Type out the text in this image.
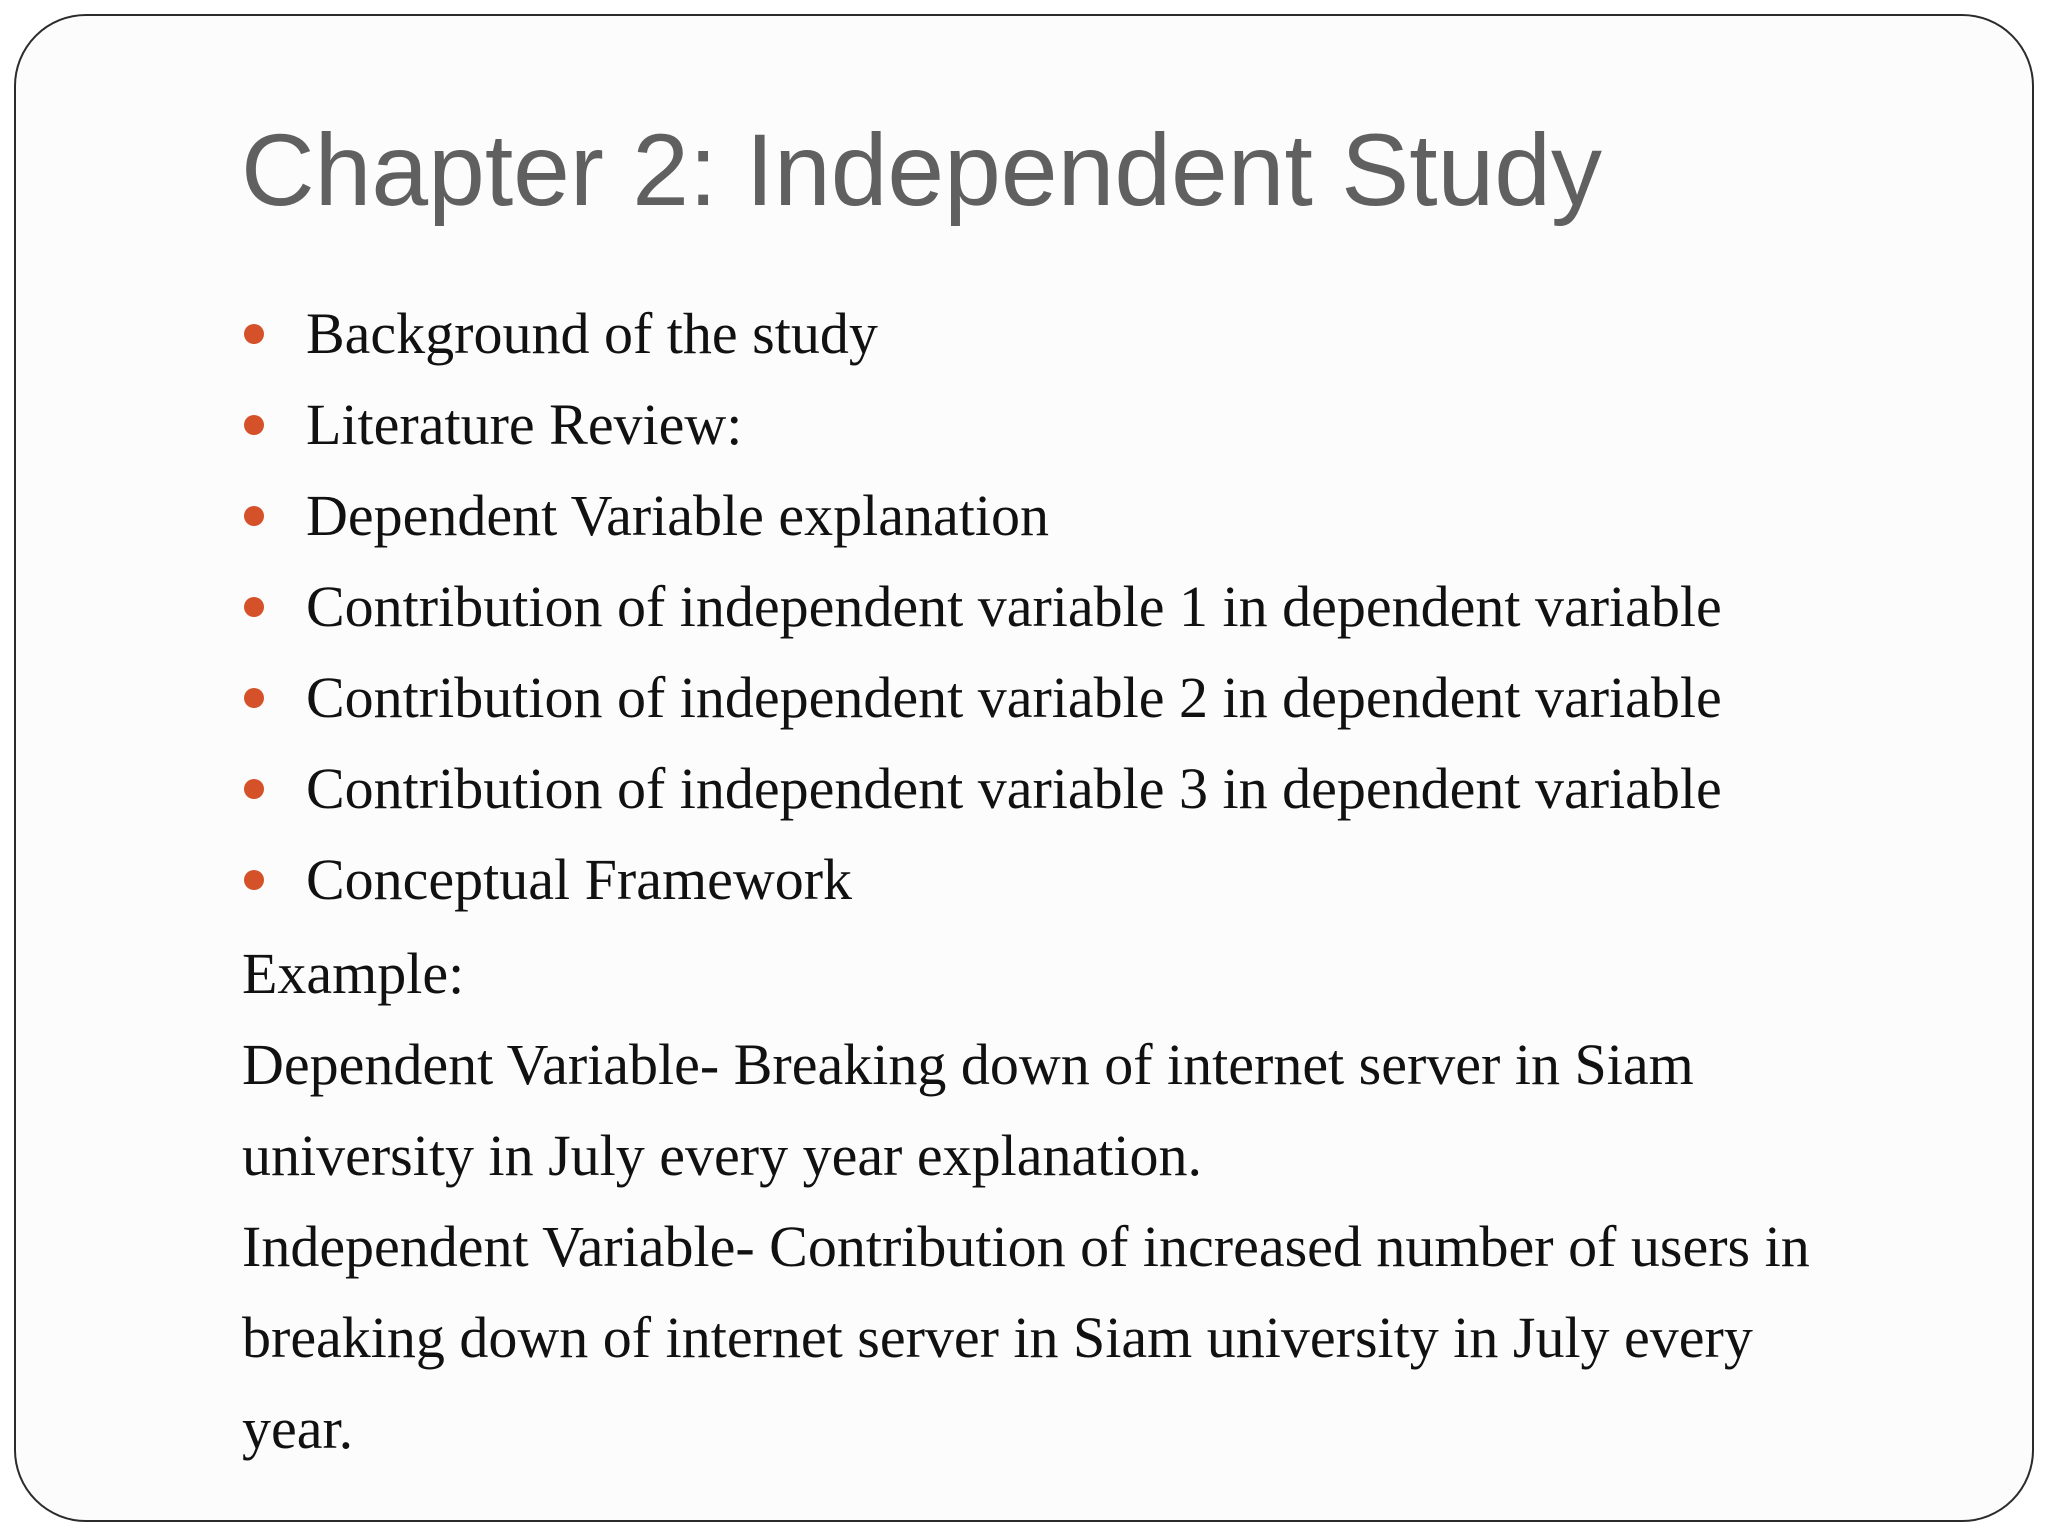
Chapter 2: Independent Study
Background of the study
Literature Review:
Dependent Variable explanation
Contribution of independent variable 1 in dependent variable
Contribution of independent variable 2 in dependent variable
Contribution of independent variable 3 in dependent variable
Conceptual Framework
Example:
Dependent Variable- Breaking down of internet server in Siam
university in July every year explanation.
Independent Variable- Contribution of increased number of users in
breaking down of internet server in Siam university in July every
year.
